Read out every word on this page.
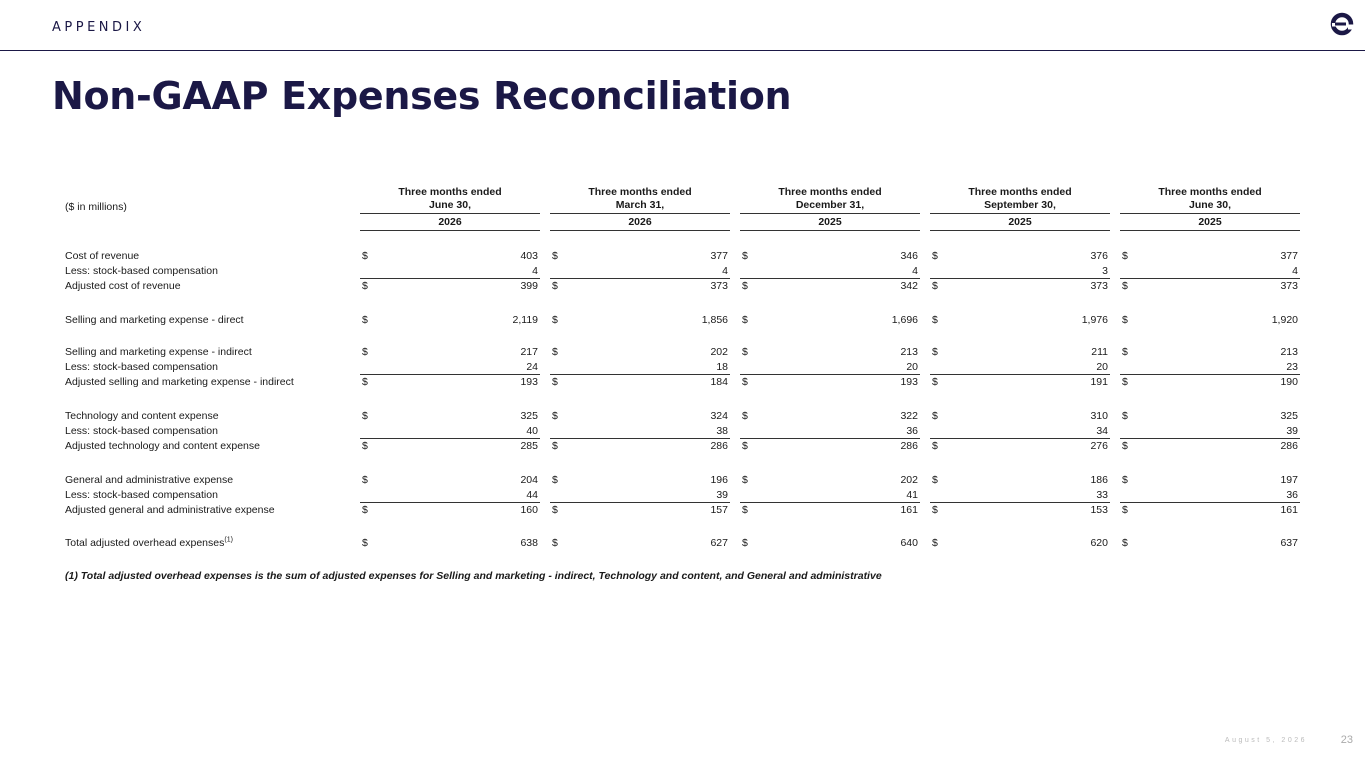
APPENDIX
Non-GAAP Expenses Reconciliation
($ in millions)
Three months ended
June 30,
2026
Three months ended
March 31,
2026
Three months ended
December 31,
2025
Three months ended
September 30,
2025
Three months ended
June 30,
2025
Cost of revenue	$	403 $	377 $	346 $	376 $	377
Less: stock-based compensation	4	4	4	3	4
Adjusted cost of revenue	$	399 $	373 $	342 $	373 $	373
Selling and marketing expense - direct	$	2,119 $	1,856 $	1,696 $	1,976 $	1,920
Selling and marketing expense - indirect	$	217 $	202 $	213 $	211 $	213
Less: stock-based compensation	24	18	20	20	23
Adjusted selling and marketing expense - indirect	$	193 $	184 $	193 $	191 $	190
Technology and content expense	$	325 $	324 $	322 $	310 $	325
Less: stock-based compensation	40	38	36	34	39
Adjusted technology and content expense	$	285 $	286 $	286 $	276 $	286
General and administrative expense	$	204 $	196 $	202 $	186 $	197
Less: stock-based compensation	44	39	41	33	36
Adjusted general and administrative expense	$	160 $	157 $	161 $	153 $	161
Total adjusted overhead expenses$^{(1)}$	$	638 $	627 $	640 $	620 $	637
(1) Total adjusted overhead expenses is the sum of adjusted expenses for Selling and marketing - indirect, Technology and content, and General and administrative
August 5, 2026	23
